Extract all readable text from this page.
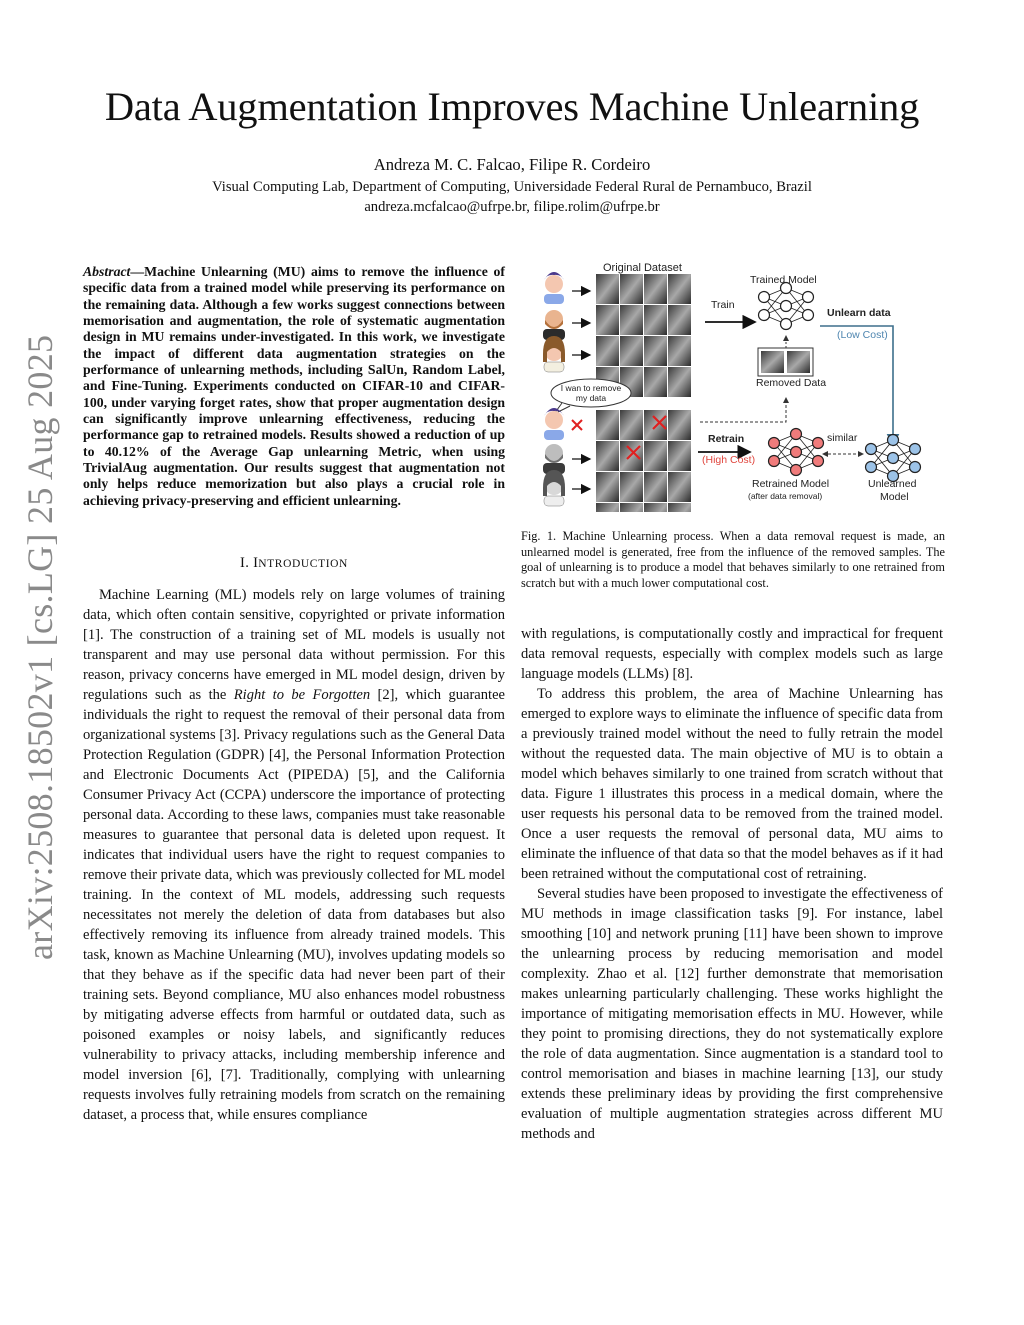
Data Augmentation Improves Machine Unlearning
Andreza M. C. Falcao, Filipe R. Cordeiro
Visual Computing Lab, Department of Computing, Universidade Federal Rural de Pernambuco, Brazil
andreza.mcfalcao@ufrpe.br, filipe.rolim@ufrpe.br
arXiv:2508.18502v1 [cs.LG] 25 Aug 2025
Abstract—Machine Unlearning (MU) aims to remove the influence of specific data from a trained model while preserving its performance on the remaining data. Although a few works suggest connections between memorisation and augmentation, the role of systematic augmentation design in MU remains under-investigated. In this work, we investigate the impact of different data augmentation strategies on the performance of unlearning methods, including SalUn, Random Label, and Fine-Tuning. Experiments conducted on CIFAR-10 and CIFAR-100, under varying forget rates, show that proper augmentation design can significantly improve unlearning effectiveness, reducing the performance gap to retrained models. Results showed a reduction of up to 40.12% of the Average Gap unlearning Metric, when using TrivialAug augmentation. Our results suggest that augmentation not only helps reduce memorization but also plays a crucial role in achieving privacy-preserving and efficient unlearning.
I. INTRODUCTION

Machine Learning (ML) models rely on large volumes of training data, which often contain sensitive, copyrighted or private information [1]. The construction of a training set of ML models is usually not transparent and may use personal data without permission. For this reason, privacy concerns have emerged in ML model design, driven by regulations such as the Right to be Forgotten [2], which guarantee individuals the right to request the removal of their personal data from organizational systems [3]. Privacy regulations such as the General Data Protection Regulation (GDPR) [4], the Personal Information Protection and Electronic Documents Act (PIPEDA) [5], and the California Consumer Privacy Act (CCPA) underscore the importance of protecting personal data. According to these laws, companies must take reasonable measures to guarantee that personal data is deleted upon request. It indicates that individual users have the right to request companies to remove their private data, which was previously collected for ML model training. In the context of ML models, addressing such requests necessitates not merely the deletion of data from databases but also effectively removing its influence from already trained models. This task, known as Machine Unlearning (MU), involves updating models so that they behave as if the specific data had never been part of their training sets. Beyond compliance, MU also enhances model robustness by mitigating adverse effects from harmful or outdated data, such as poisoned examples or noisy labels, and significantly reduces vulnerability to privacy attacks, including membership inference and model inversion [6], [7]. Traditionally, complying with unlearning requests involves fully retraining models from scratch on the remaining dataset, a process that, while ensures compliance

Original Dataset
Trained Model
Train
Unlearn data
(Low Cost)
Removed Data
I wan to remove my data
Retrain
(High Cost)
similar
Retrained Model
(after data removal)
Unlearned
Model
Fig. 1. Machine Unlearning process. When a data removal request is made, an unlearned model is generated, free from the influence of the removed samples. The goal of unlearning is to produce a model that behaves similarly to one retrained from scratch but with a much lower computational cost.

with regulations, is computationally costly and impractical for frequent data removal requests, especially with complex models such as large language models (LLMs) [8].

To address this problem, the area of Machine Unlearning has emerged to explore ways to eliminate the influence of specific data from a previously trained model without the need to fully retrain the model without the requested data. The main objective of MU is to obtain a model which behaves similarly to one trained from scratch without that data. Figure 1 illustrates this process in a medical domain, where the user requests his personal data to be removed from the trained model. Once a user requests the removal of personal data, MU aims to eliminate the influence of that data so that the model behaves as if it had been retrained without the computational cost of retraining.

Several studies have been proposed to investigate the effectiveness of MU methods in image classification tasks [9]. For instance, label smoothing [10] and network pruning [11] have been shown to improve the unlearning process by reducing memorisation and model complexity. Zhao et al. [12] further demonstrate that memorisation makes unlearning particularly challenging. These works highlight the importance of mitigating memorisation effects in MU. However, while they point to promising directions, they do not systematically explore the role of data augmentation. Since augmentation is a standard tool to control memorisation and biases in machine learning [13], our study extends these preliminary ideas by providing the first comprehensive evaluation of multiple augmentation strategies across different MU methods and
